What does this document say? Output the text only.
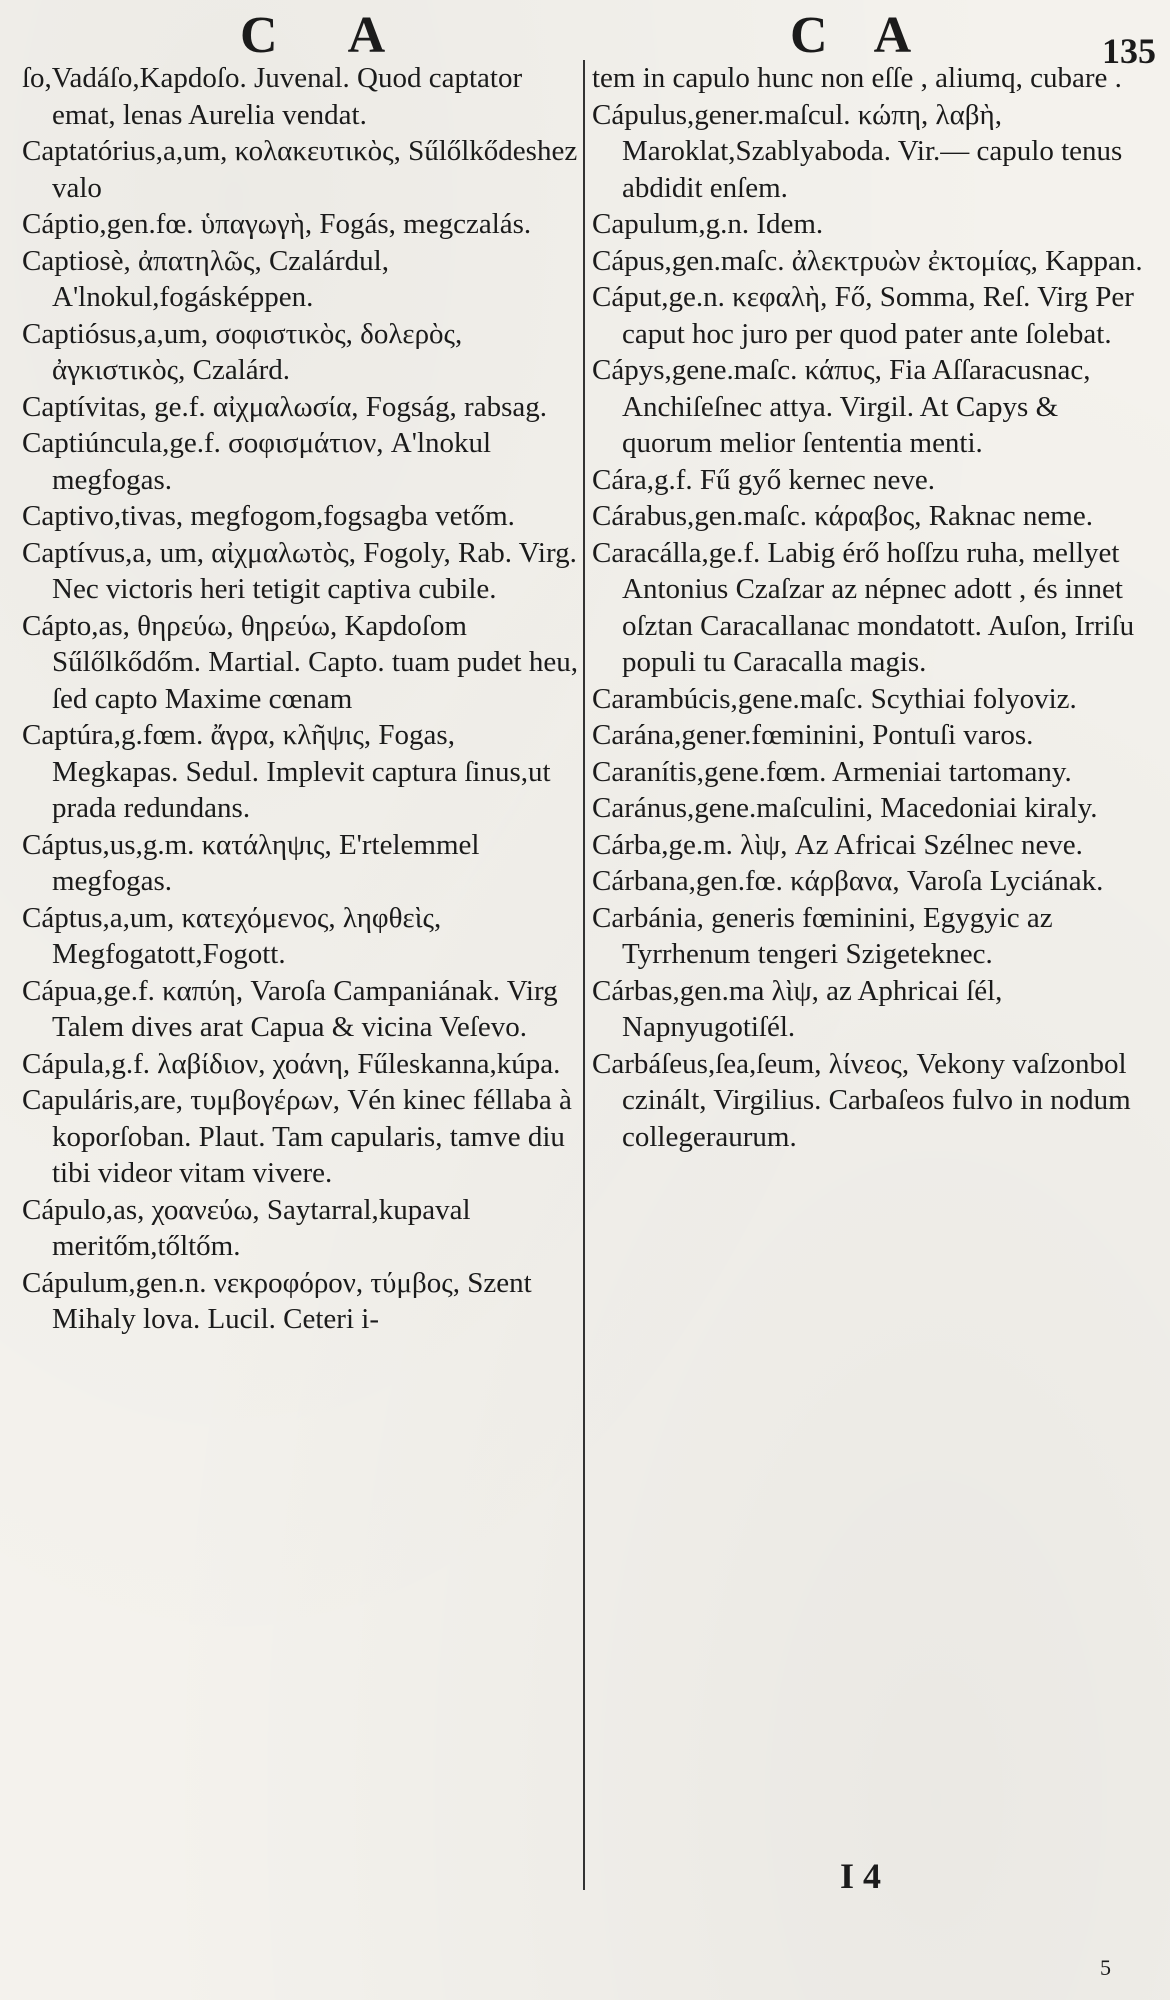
C A	C A	135

ſo,Vadáſo,Kapdoſo. Juvenal. Quod captator emat, lenas Aurelia vendat.

Captatórius,a,um, κολακευτικὸς, Sűlőlkődeshez valo

Cáptio,gen.fœ. ὑπαγωγὴ, Fogás, megczalás.

Captiosè, ἀπατηλῶς, Czalárdul, A'lnokul,fogásképpen.

Captiósus,a,um, σοφιστικὸς, δολερὸς, ἀγκιστικὸς, Czalárd.

Captívitas, ge.f. αἰχμαλωσία, Fogság, rabsag.

Captiúncula,ge.f. σοφισμάτιον, A'lnokul megfogas.

Captivo,tivas, megfogom,fogsagba vetőm.

Captívus,a, um, αἰχμαλωτὸς, Fogoly, Rab. Virg. Nec victoris heri tetigit captiva cubile.

Cápto,as, θηρεύω, θηρεύω, Kapdoſom Sűlőlkődőm. Martial. Capto. tuam pudet heu, ſed capto Maxime cœnam

Captúra,g.fœm. ἄγρα, κλῆψις, Fogas, Megkapas. Sedul. Implevit captura ſinus,ut prada redundans.

Cáptus,us,g.m. κατάληψις, E'rtelemmel megfogas.

Cáptus,a,um, κατεχόμενος, ληφθεὶς, Megfogatott,Fogott.

Cápua,ge.f. καπύη, Varoſa Campaniának. Virg Talem dives arat Capua & vicina Veſevo.

Cápula,g.f. λαβίδιον, χοάνη, Fűleskanna,kúpa.

Capuláris,are, τυμβογέρων, Vén kinec féllaba à koporſoban. Plaut. Tam capularis, tamve diu tibi videor vitam vivere.

Cápulo,as, χοανεύω, Saytarral,kupaval meritőm,tőltőm.

Cápulum,gen.n. νεκροφόρον, τύμβος, Szent Mihaly lova. Lucil. Ceteri i-

tem in capulo hunc non eſſe , aliumq, cubare .

Cápulus,gener.maſcul. κώπη, λαβὴ, Maroklat,Szablyaboda. Vir.— capulo tenus abdidit enſem.

Capulum,g.n. Idem.

Cápus,gen.maſc. ἀλεκτρυὼν ἐκτομίας, Kappan.

Cáput,ge.n. κεφαλὴ, Fő, Somma, Reſ. Virg Per caput hoc juro per quod pater ante ſolebat.

Cápys,gene.maſc. κάπυς, Fia Aſſaracusnac, Anchiſeſnec attya. Virgil. At Capys & quorum melior ſententia menti.

Cára,g.f. Fű győ kernec neve.

Cárabus,gen.maſc. κάραβος, Raknac neme.

Caracálla,ge.f. Labig érő hoſſzu ruha, mellyet Antonius Czaſzar az népnec adott , és innet oſztan Caracallanac mondatott. Auſon, Irriſu populi tu Caracalla magis.

Carambúcis,gene.maſc. Scythiai folyoviz.

Carána,gener.fœminini, Pontuſi varos.

Caranítis,gene.fœm. Armeniai tartomany.

Caránus,gene.maſculini, Macedoniai kiraly.

Cárba,ge.m. λὶψ, Az Africai Szélnec neve.

Cárbana,gen.fœ. κάρβανα, Varoſa Lyciának.

Carbánia, generis fœminini, Egygyic az Tyrrhenum tengeri Szigeteknec.

Cárbas,gen.ma λὶψ, az Aphricai ſél, Napnyugotiſél.

Carbáſeus,ſea,ſeum, λίνεος, Vekony vaſzonbol czinált, Virgilius. Carbaſeos fulvo in nodum collegeraurum.

I 4
5
